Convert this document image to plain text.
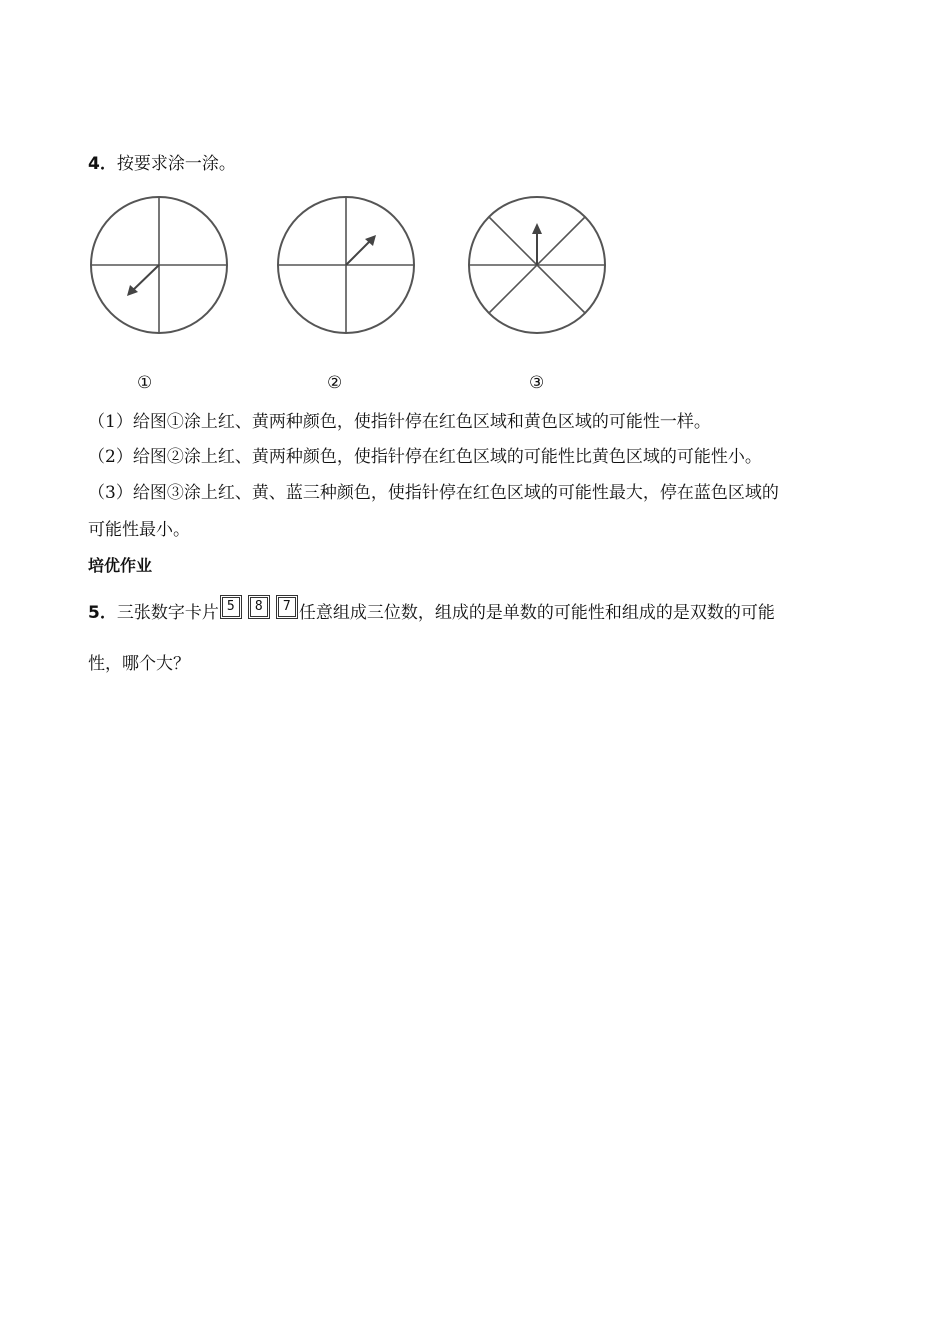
4．按要求涂一涂。
①	②	③
（1）给图①涂上红、黄两种颜色，使指针停在红色区域和黄色区域的可能性一样。
（2）给图②涂上红、黄两种颜色，使指针停在红色区域的可能性比黄色区域的可能性小。
（3）给图③涂上红、黄、蓝三种颜色，使指针停在红色区域的可能性最大，停在蓝色区域的
可能性最小。
培优作业
5．三张数字卡片 5	8	7 任意组成三位数，组成的是单数的可能性和组成的是双数的可能
性，哪个大？
